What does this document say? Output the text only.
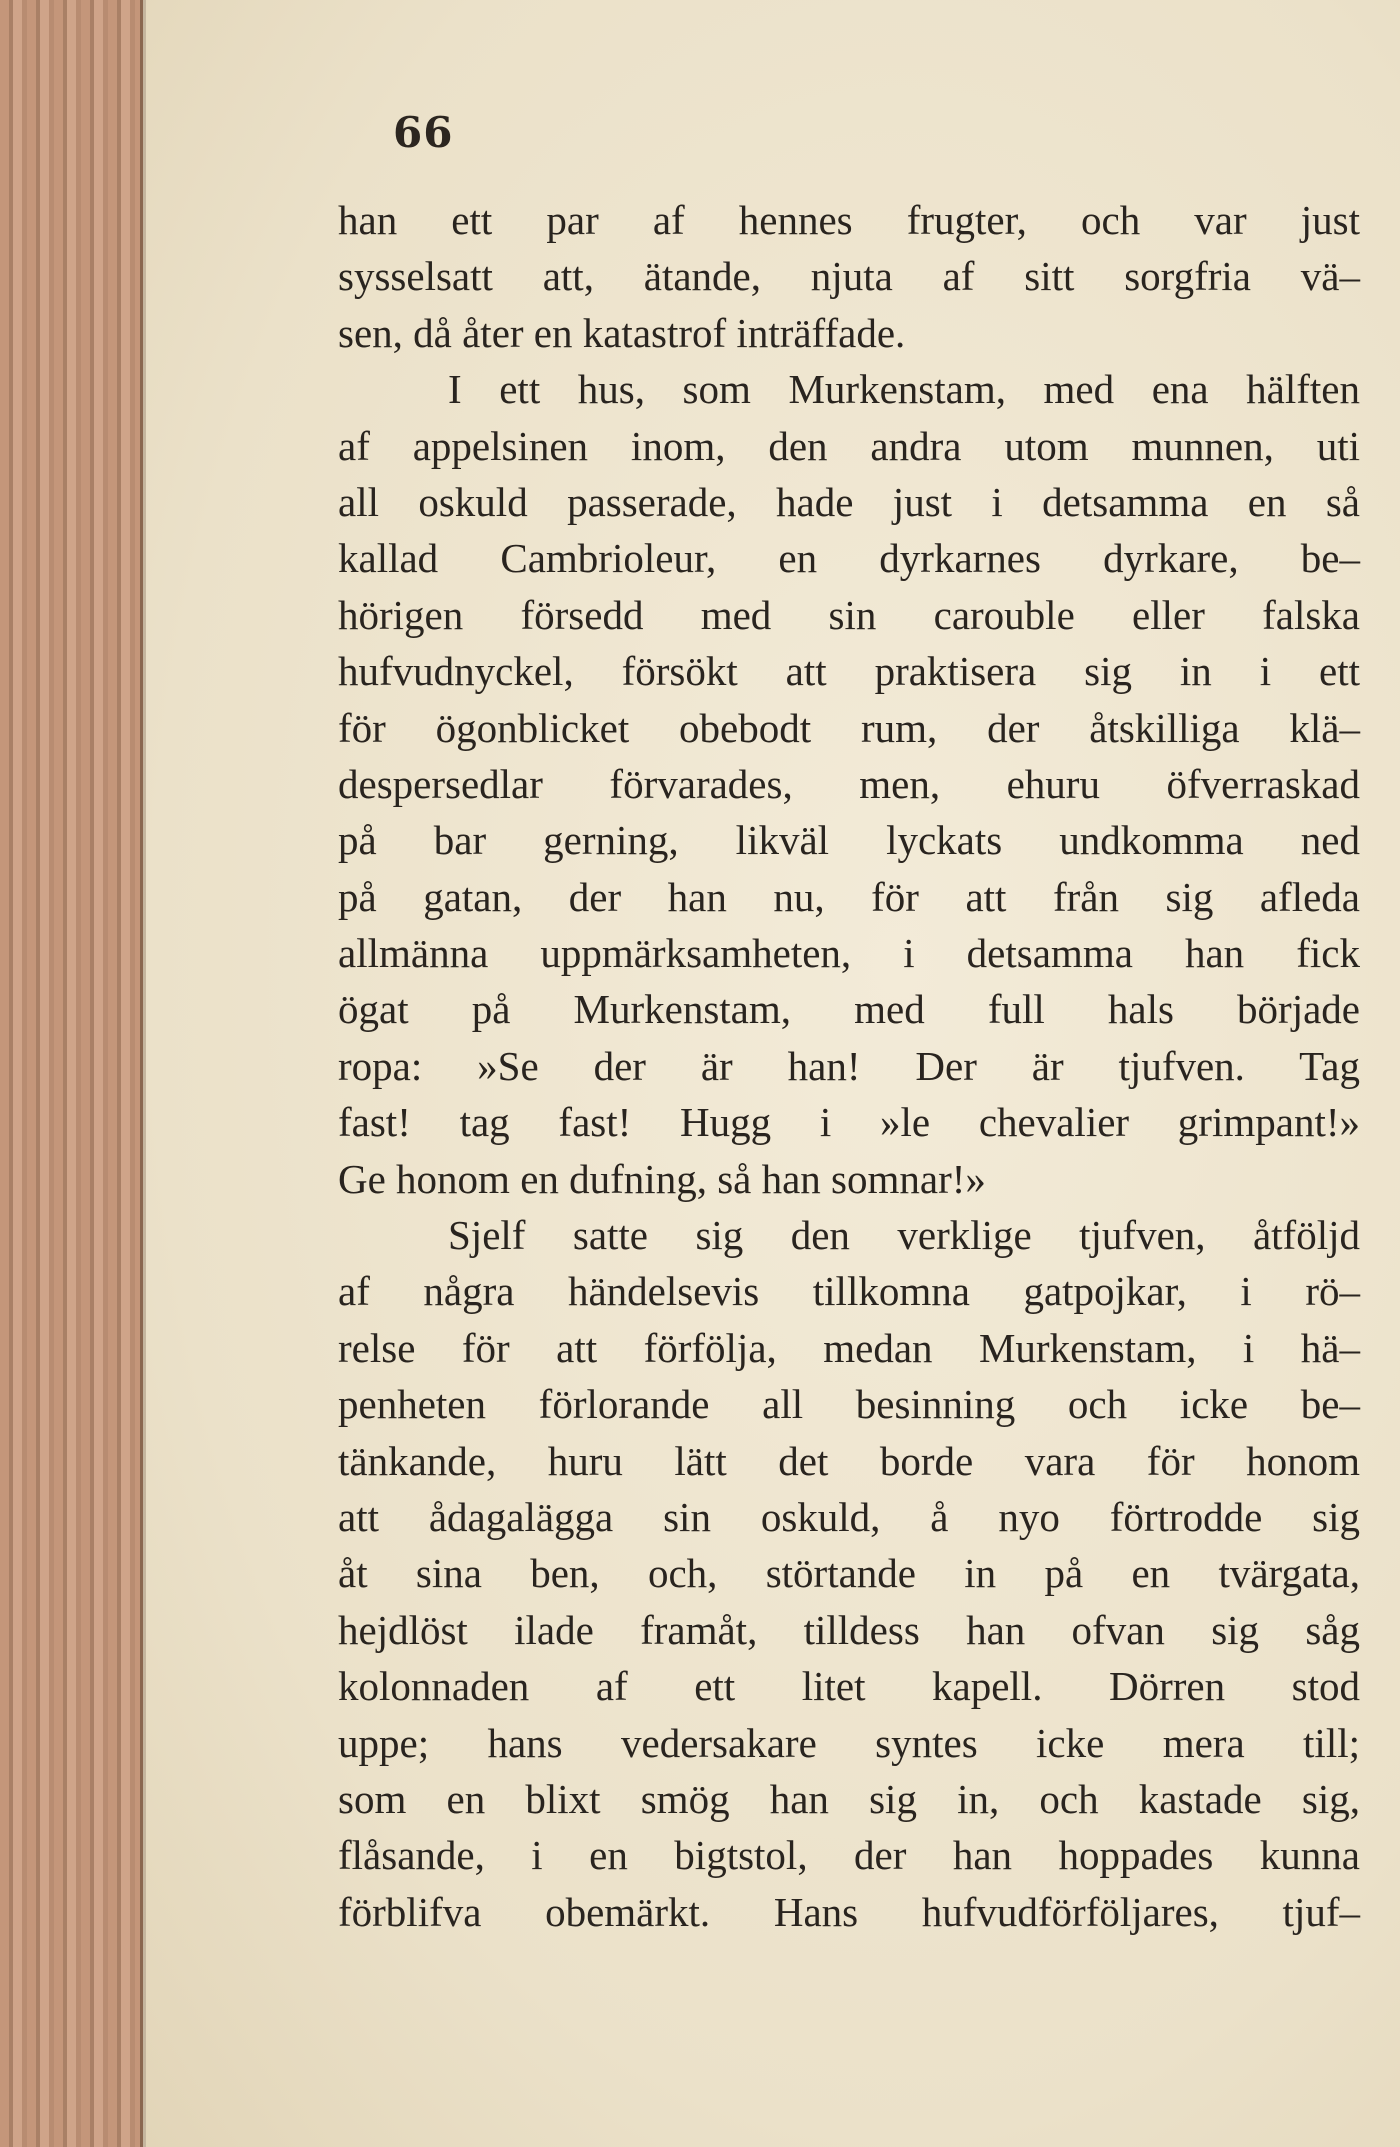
66
han ett par af hennes frugter, och var just
sysselsatt att, ätande, njuta af sitt sorgfria vä–
sen, då åter en katastrof inträffade.
I ett hus, som Murkenstam, med ena hälften
af appelsinen inom, den andra utom munnen, uti
all oskuld passerade, hade just i detsamma en så
kallad Cambrioleur, en dyrkarnes dyrkare, be–
hörigen försedd med sin carouble eller falska
hufvudnyckel, försökt att praktisera sig in i ett
för ögonblicket obebodt rum, der åtskilliga klä–
despersedlar förvarades, men, ehuru öfverraskad
på bar gerning, likväl lyckats undkomma ned
på gatan, der han nu, för att från sig afleda
allmänna uppmärksamheten, i detsamma han fick
ögat på Murkenstam, med full hals började
ropa: »Se der är han! Der är tjufven. Tag
fast! tag fast! Hugg i »le chevalier grimpant!»
Ge honom en dufning, så han somnar!»
Sjelf satte sig den verklige tjufven, åtföljd
af några händelsevis tillkomna gatpojkar, i rö–
relse för att förfölja, medan Murkenstam, i hä–
penheten förlorande all besinning och icke be–
tänkande, huru lätt det borde vara för honom
att ådagalägga sin oskuld, å nyo förtrodde sig
åt sina ben, och, störtande in på en tvärgata,
hejdlöst ilade framåt, tilldess han ofvan sig såg
kolonnaden af ett litet kapell. Dörren stod
uppe; hans vedersakare syntes icke mera till;
som en blixt smög han sig in, och kastade sig,
flåsande, i en bigtstol, der han hoppades kunna
förblifva obemärkt. Hans hufvudförföljares, tjuf–
